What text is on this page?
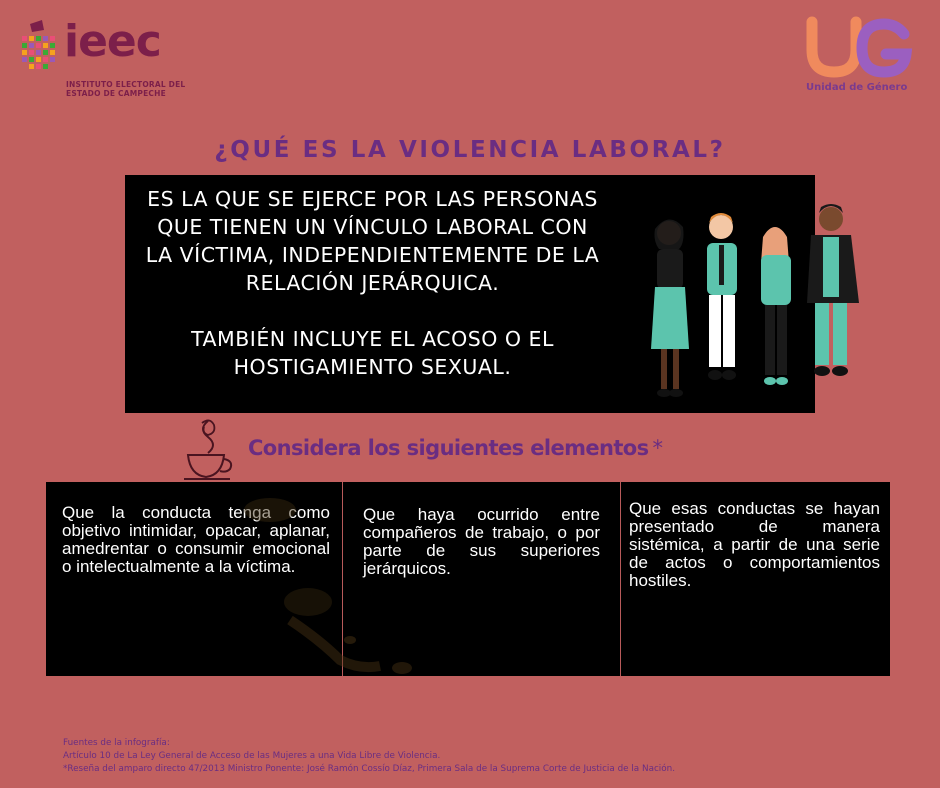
ieec
INSTITUTO ELECTORAL DEL
ESTADO DE CAMPECHE
Unidad de Género
¿QUÉ ES LA VIOLENCIA LABORAL?

ES LA QUE SE EJERCE POR LAS PERSONAS QUE TIENEN UN VÍNCULO LABORAL CON LA VÍCTIMA, INDEPENDIENTEMENTE DE LA RELACIÓN JERÁRQUICA.

TAMBIÉN INCLUYE EL ACOSO O EL HOSTIGAMIENTO SEXUAL.

Considera los siguientes elementos *
Que la conducta tenga como objetivo intimidar, opacar, aplanar, amedrentar o consumir emocional o intelectualmente a la víctima.
Que haya ocurrido entre compañeros de trabajo, o por parte de sus superiores jerárquicos.
Que esas conductas se hayan presentado de manera sistémica, a partir de una serie de actos o comportamientos hostiles.
Fuentes de la infografía:
Artículo 10 de La Ley General de Acceso de las Mujeres a una Vida Libre de Violencia.
*Reseña del amparo directo 47/2013 Ministro Ponente: José Ramón Cossío Díaz, Primera Sala de la Suprema Corte de Justicia de la Nación.
